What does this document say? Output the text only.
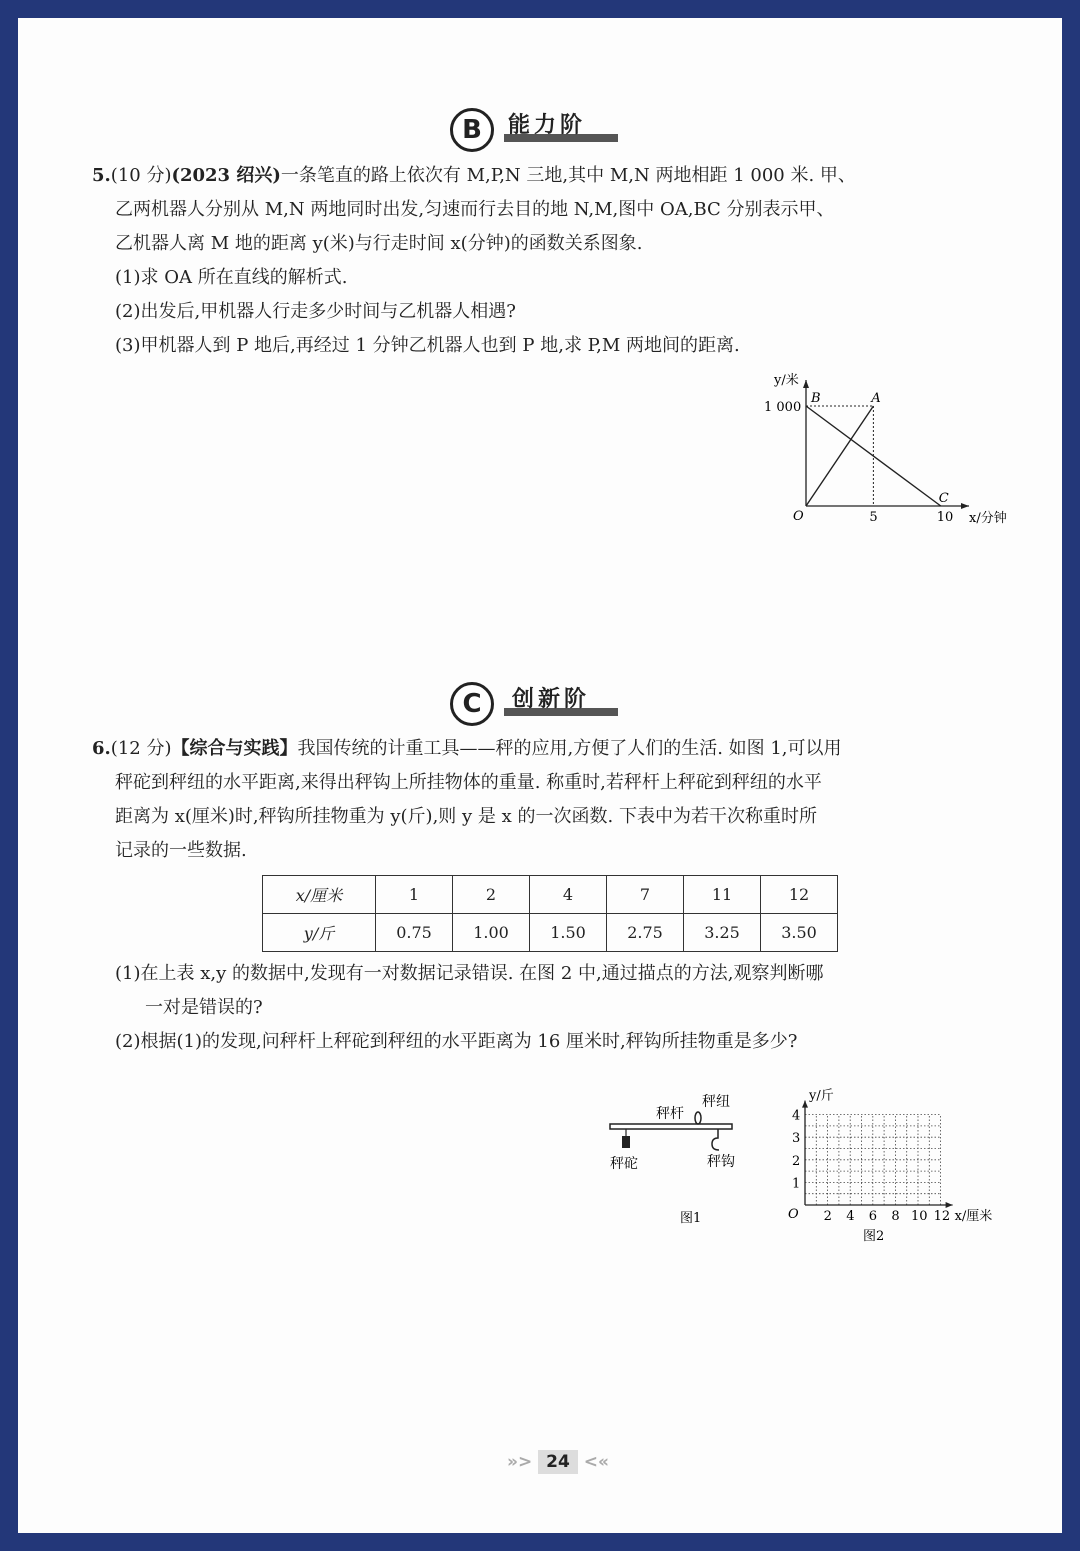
B	能力阶
5.(10 分)(2023 绍兴)一条笔直的路上依次有 M,P,N 三地,其中 M,N 两地相距 1 000 米. 甲、
乙两机器人分别从 M,N 两地同时出发,匀速而行去目的地 N,M,图中 OA,BC 分别表示甲、
乙机器人离 M 地的距离 y(米)与行走时间 x(分钟)的函数关系图象.
(1)求 OA 所在直线的解析式.
(2)出发后,甲机器人行走多少时间与乙机器人相遇?
(3)甲机器人到 P 地后,再经过 1 分钟乙机器人也到 P 地,求 P,M 两地间的距离.
5	10
1 000
O	x/分钟
y/米
B	A
C
C	创新阶
6.(12 分)【综合与实践】我国传统的计重工具——秤的应用,方便了人们的生活. 如图 1,可以用
秤砣到秤纽的水平距离,来得出秤钩上所挂物体的重量. 称重时,若秤杆上秤砣到秤纽的水平
距离为 x(厘米)时,秤钩所挂物重为 y(斤),则 y 是 x 的一次函数. 下表中为若干次称重时所
记录的一些数据.
x/厘米	1	2	4	7	11	12
y/斤	0.75	1.00	1.50	2.75	3.25	3.50
(1)在上表 x,y 的数据中,发现有一对数据记录错误. 在图 2 中,通过描点的方法,观察判断哪
一对是错误的?
(2)根据(1)的发现,问秤杆上秤砣到秤纽的水平距离为 16 厘米时,秤钩所挂物重是多少?
秤杆
秤纽
秤砣	秤钩
图1
1
2
3
4
2 4 6 8 10 12
O	x/厘米
y/斤
图2
»> 24 <«
